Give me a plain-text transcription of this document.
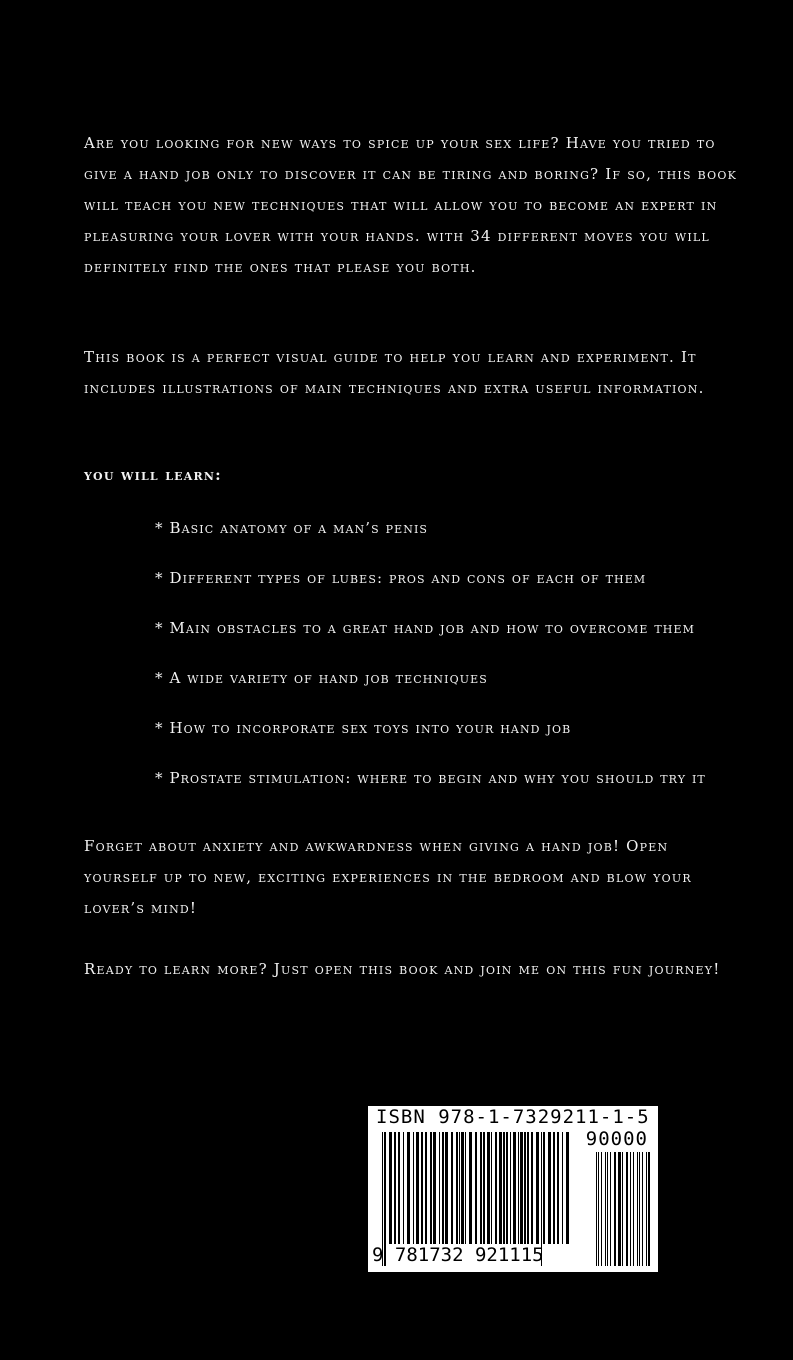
Are you looking for new ways to spice up your sex life? Have you tried to give a hand job only to discover it can be tiring and boring? If so, this book will teach you new techniques that will allow you to become an expert in pleasuring your lover with your hands. with 34 different moves you will definitely find the ones that please you both.

This book is a perfect visual guide to help you learn and experiment. It includes illustrations of main techniques and extra useful information.

you will learn:

* Basic anatomy of a man’s penis
* Different types of lubes: pros and cons of each of them
* Main obstacles to a great hand job and how to overcome them
* A wide variety of hand job techniques
* How to incorporate sex toys into your hand job
* Prostate stimulation: where to begin and why you should try it

Forget about anxiety and awkwardness when giving a hand job! Open yourself up to new, exciting experiences in the bedroom and blow your lover’s mind!

Ready to learn more? Just open this book and join me on this fun journey!

ISBN 978-1-7329211-1-5

90000

9 781732 921115
